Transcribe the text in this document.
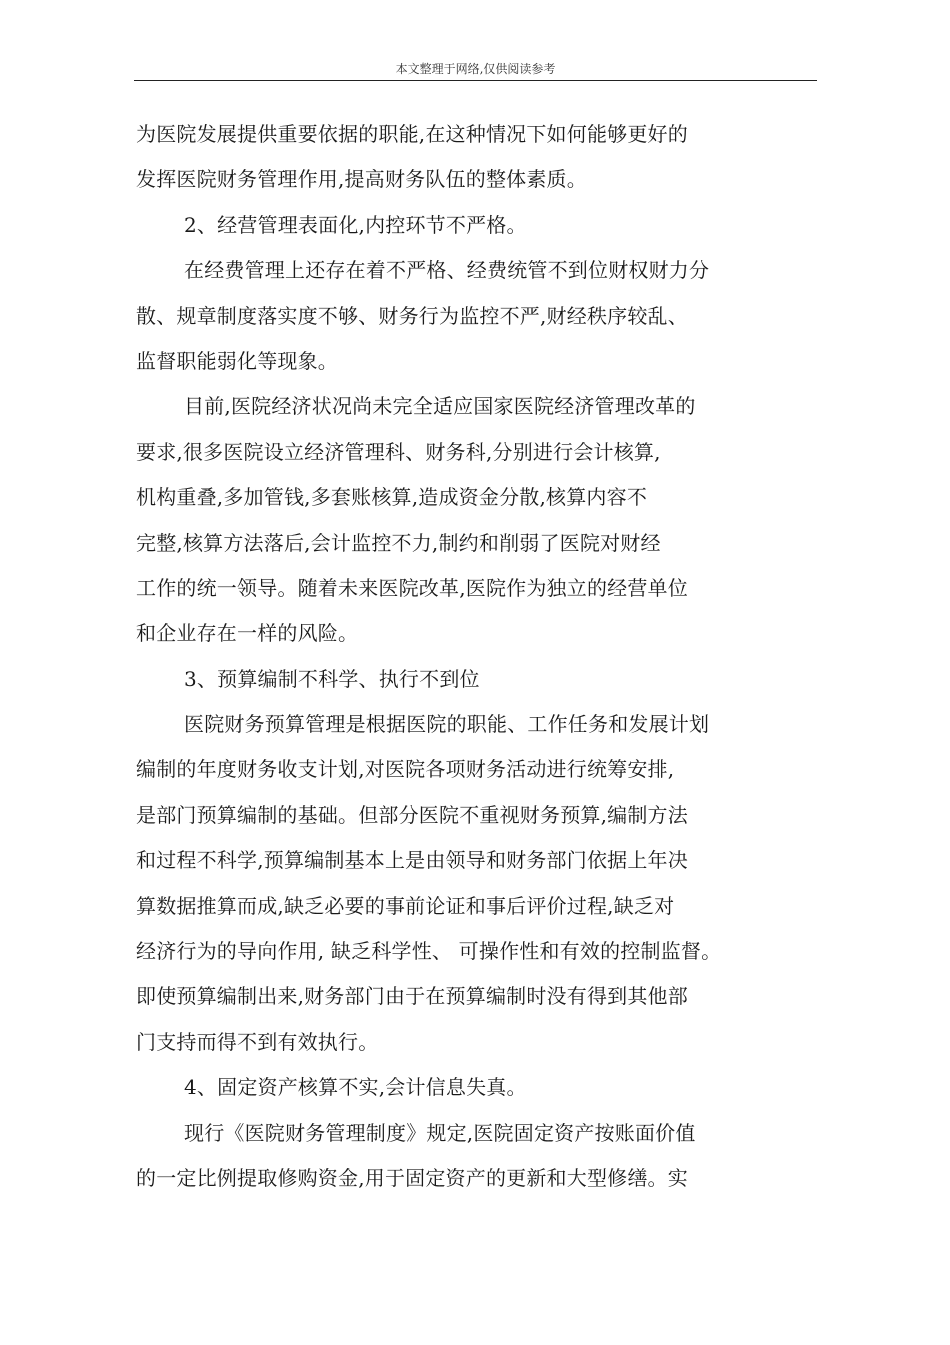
本文整理于网络,仅供阅读参考
为医院发展提供重要依据的职能,在这种情况下如何能够更好的
发挥医院财务管理作用,提高财务队伍的整体素质。
2、经营管理表面化,内控环节不严格。
在经费管理上还存在着不严格、经费统管不到位财权财力分
散、规章制度落实度不够、财务行为监控不严,财经秩序较乱、
监督职能弱化等现象。
目前,医院经济状况尚未完全适应国家医院经济管理改革的
要求,很多医院设立经济管理科、财务科,分别进行会计核算,
机构重叠,多加管钱,多套账核算,造成资金分散,核算内容不
完整,核算方法落后,会计监控不力,制约和削弱了医院对财经
工作的统一领导。随着未来医院改革,医院作为独立的经营单位
和企业存在一样的风险。
3、预算编制不科学、执行不到位
医院财务预算管理是根据医院的职能、工作任务和发展计划
编制的年度财务收支计划,对医院各项财务活动进行统筹安排,
是部门预算编制的基础。但部分医院不重视财务预算,编制方法
和过程不科学,预算编制基本上是由领导和财务部门依据上年决
算数据推算而成,缺乏必要的事前论证和事后评价过程,缺乏对
经济行为的导向作用, 缺乏科学性、 可操作性和有效的控制监督。
即使预算编制出来,财务部门由于在预算编制时没有得到其他部
门支持而得不到有效执行。
4、固定资产核算不实,会计信息失真。
现行《医院财务管理制度》规定,医院固定资产按账面价值
的一定比例提取修购资金,用于固定资产的更新和大型修缮。实
